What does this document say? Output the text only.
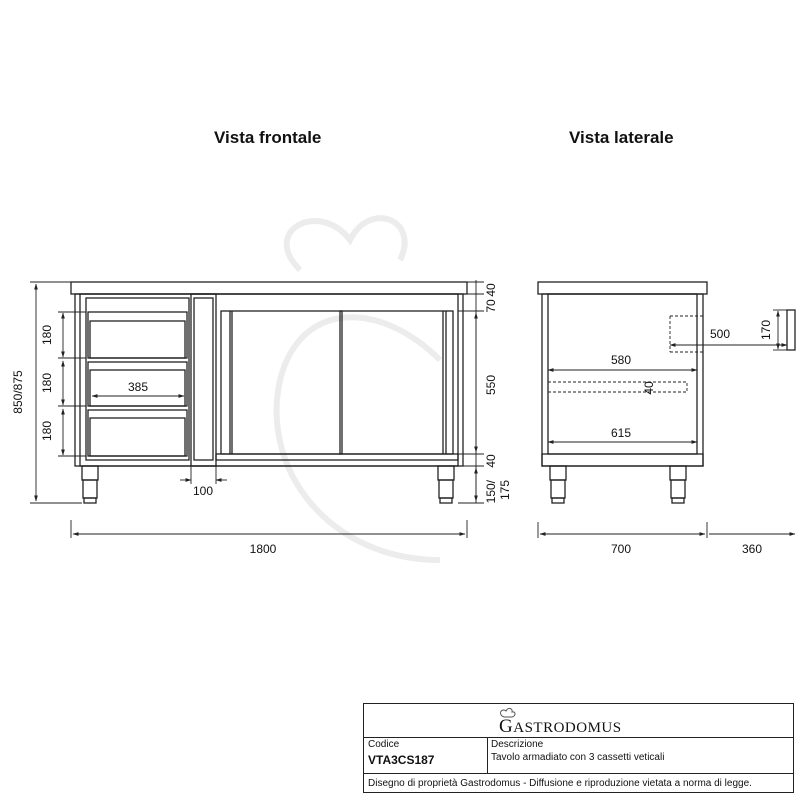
Vista frontale	Vista laterale
850/875
180
180
180
385
100
1800
40
70
550
40
150/ 175
580
40
615
500 170
700	360
GASTRODOMUS
Codice
VTA3CS187
Descrizione
Tavolo armadiato con 3 cassetti veticali
Disegno di proprietà Gastrodomus - Diffusione e riproduzione vietata a norma di legge.
